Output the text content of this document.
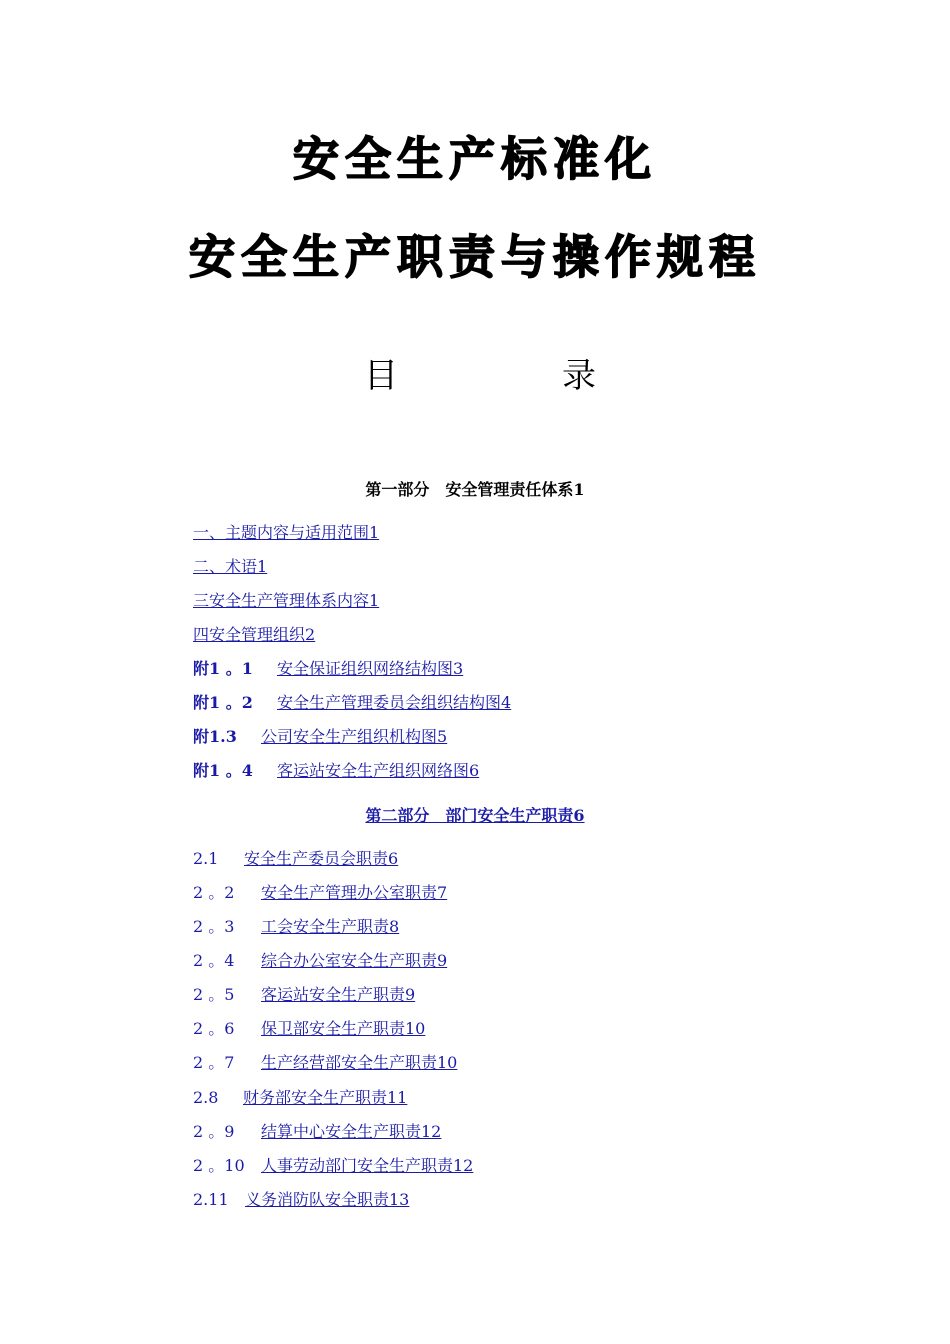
安全生产标准化
安全生产职责与操作规程
目	录
第一部分　安全管理责任体系1
一、主题内容与适用范围1
二、术语1
三安全生产管理体系内容1
四安全管理组织2
附1 。1 安全保证组织网络结构图3
附1 。2 安全生产管理委员会组织结构图4
附1.3 公司安全生产组织机构图5
附1 。4 客运站安全生产组织网络图6
第二部分　部门安全生产职责6
2.1 安全生产委员会职责6
2 。2 安全生产管理办公室职责7
2 。3 工会安全生产职责8
2 。4 综合办公室安全生产职责9
2 。5 客运站安全生产职责9
2 。6 保卫部安全生产职责10
2 。7 生产经营部安全生产职责10
2.8 财务部安全生产职责11
2 。9 结算中心安全生产职责12
2 。10 人事劳动部门安全生产职责12
2.11 义务消防队安全职责13
